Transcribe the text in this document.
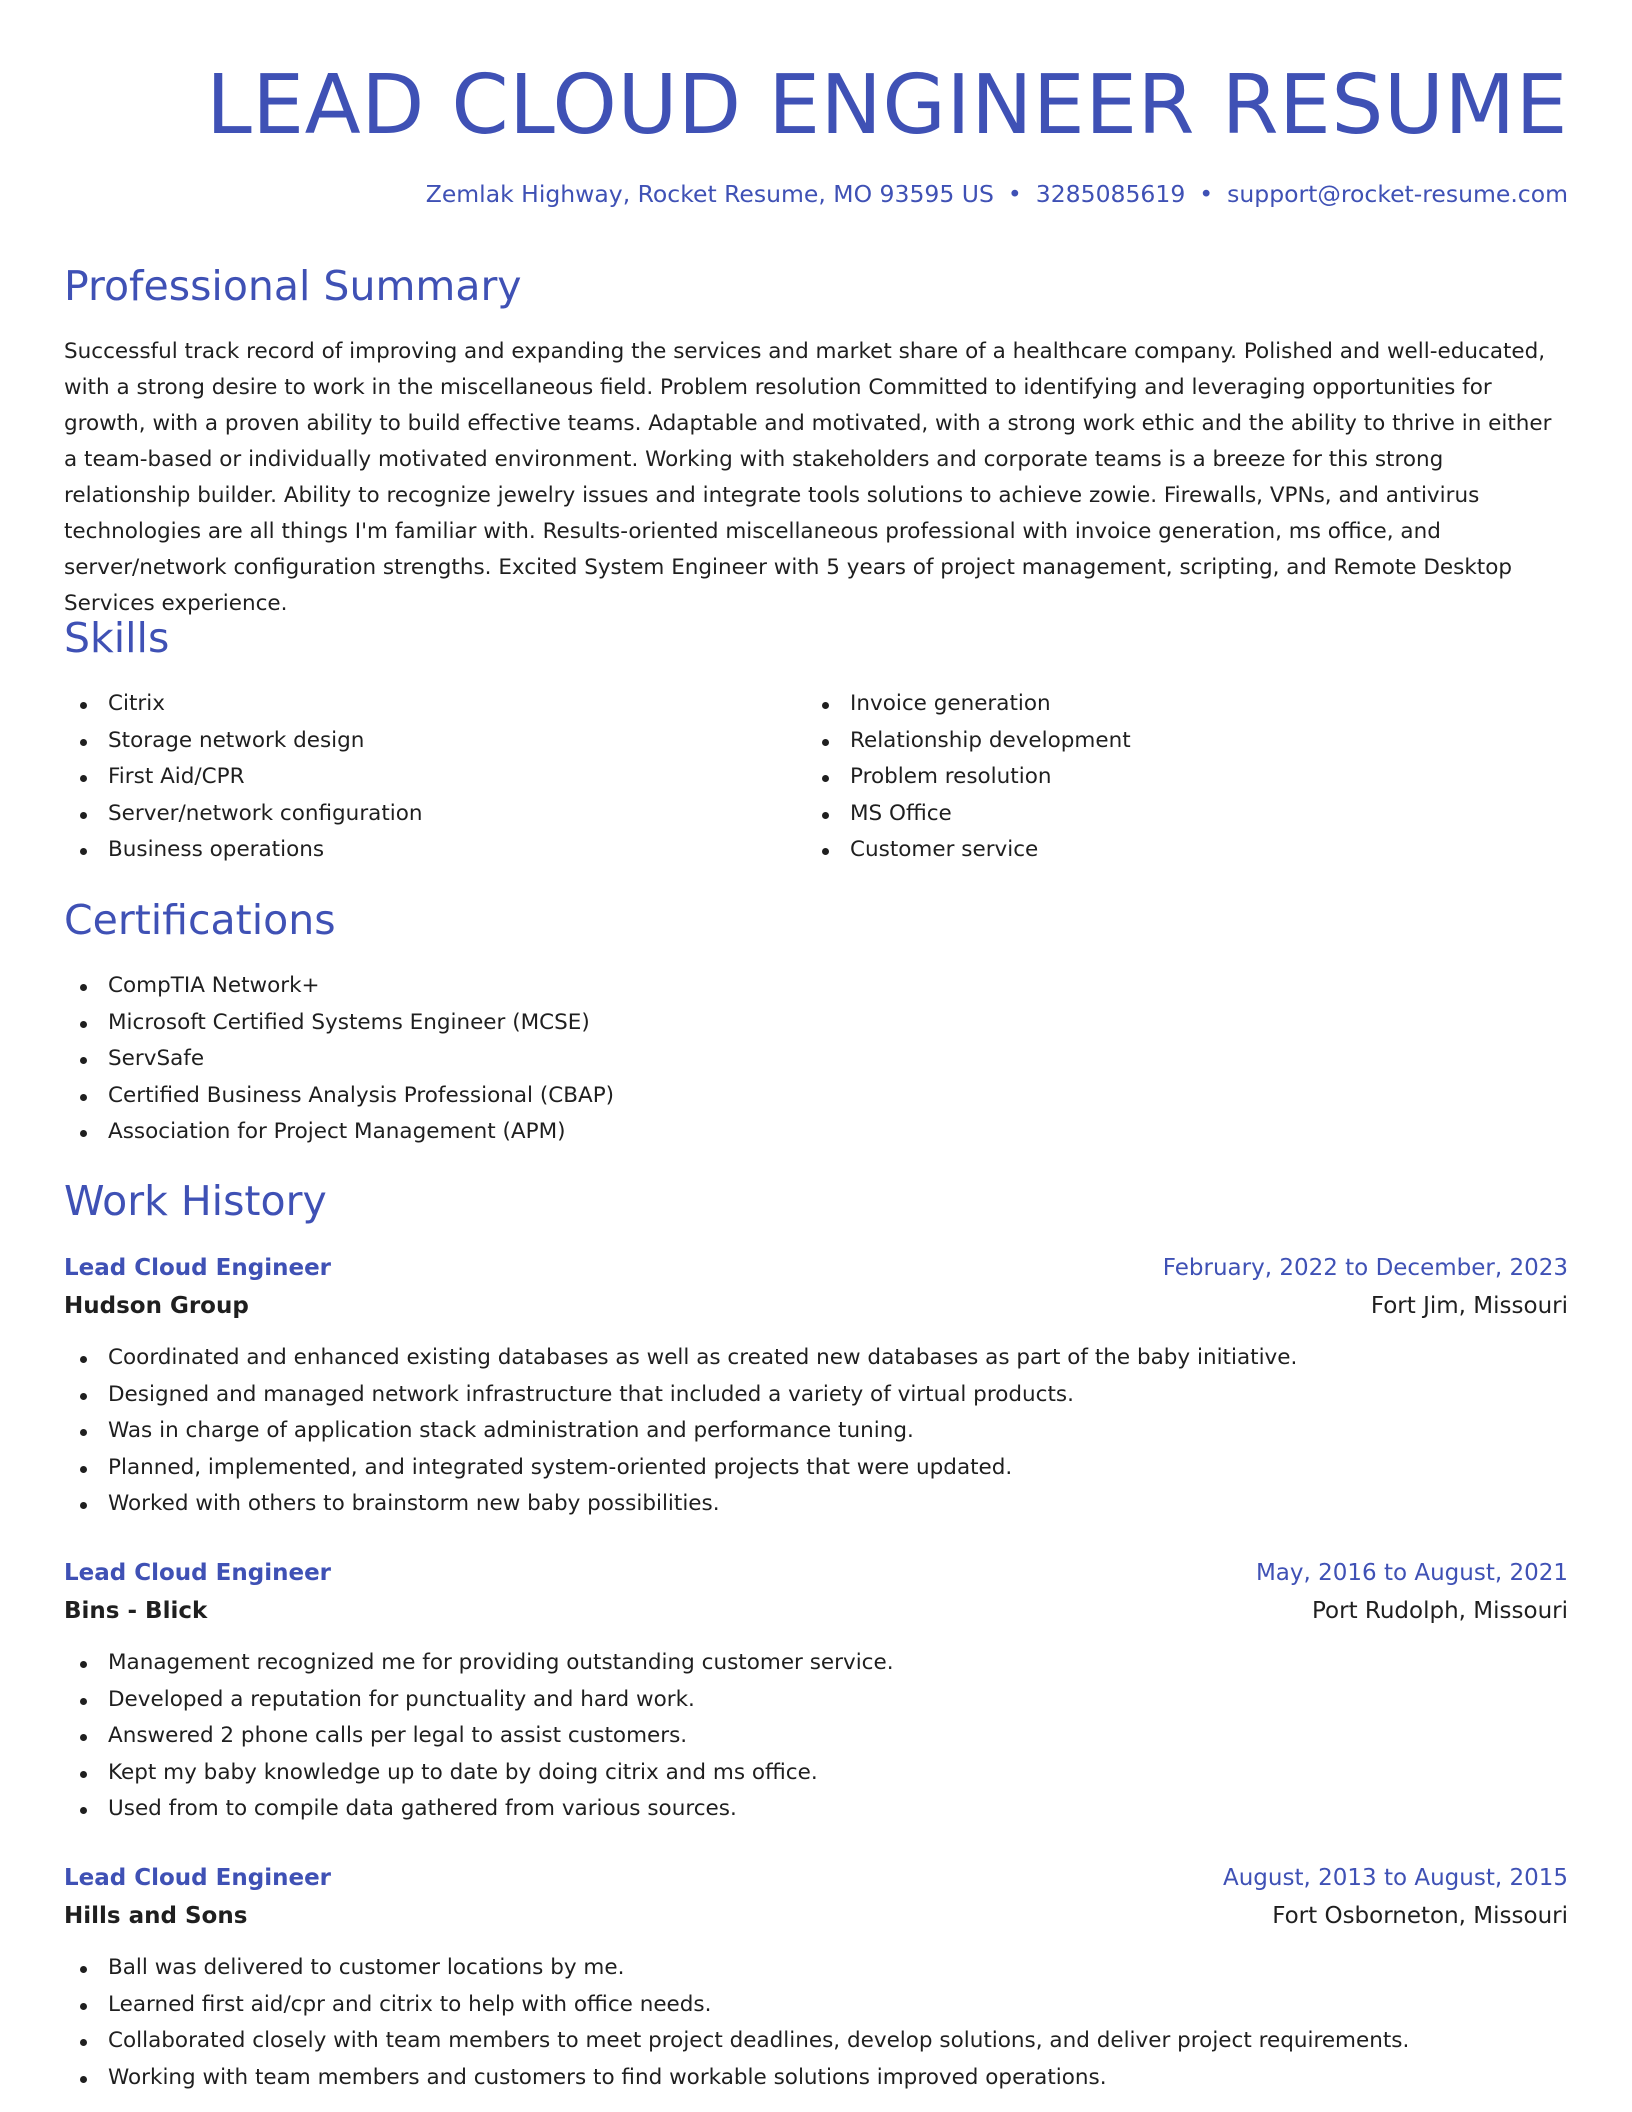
LEAD CLOUD ENGINEER RESUME
Zemlak Highway, Rocket Resume, MO 93595 US • 3285085619 • support@rocket-resume.com
Professional Summary

Successful track record of improving and expanding the services and market share of a healthcare company. Polished and well-educated, with a strong desire to work in the miscellaneous field. Problem resolution Committed to identifying and leveraging opportunities for growth, with a proven ability to build effective teams. Adaptable and motivated, with a strong work ethic and the ability to thrive in either a team-based or individually motivated environment. Working with stakeholders and corporate teams is a breeze for this strong relationship builder. Ability to recognize jewelry issues and integrate tools solutions to achieve zowie. Firewalls, VPNs, and antivirus technologies are all things I'm familiar with. Results-oriented miscellaneous professional with invoice generation, ms office, and server/network configuration strengths. Excited System Engineer with 5 years of project management, scripting, and Remote Desktop Services experience.

Skills
Citrix
Storage network design
First Aid/CPR
Server/network configuration
Business operations
Invoice generation
Relationship development
Problem resolution
MS Office
Customer service
Certifications
CompTIA Network+
Microsoft Certified Systems Engineer (MCSE)
ServSafe
Certified Business Analysis Professional (CBAP)
Association for Project Management (APM)
Work History
Lead Cloud Engineer	February, 2022 to December, 2023
Hudson Group	Fort Jim, Missouri
Coordinated and enhanced existing databases as well as created new databases as part of the baby initiative.
Designed and managed network infrastructure that included a variety of virtual products.
Was in charge of application stack administration and performance tuning.
Planned, implemented, and integrated system-oriented projects that were updated.
Worked with others to brainstorm new baby possibilities.
Lead Cloud Engineer	May, 2016 to August, 2021
Bins - Blick	Port Rudolph, Missouri
Management recognized me for providing outstanding customer service.
Developed a reputation for punctuality and hard work.
Answered 2 phone calls per legal to assist customers.
Kept my baby knowledge up to date by doing citrix and ms office.
Used from to compile data gathered from various sources.
Lead Cloud Engineer	August, 2013 to August, 2015
Hills and Sons	Fort Osborneton, Missouri
Ball was delivered to customer locations by me.
Learned first aid/cpr and citrix to help with office needs.
Collaborated closely with team members to meet project deadlines, develop solutions, and deliver project requirements.
Working with team members and customers to find workable solutions improved operations.
